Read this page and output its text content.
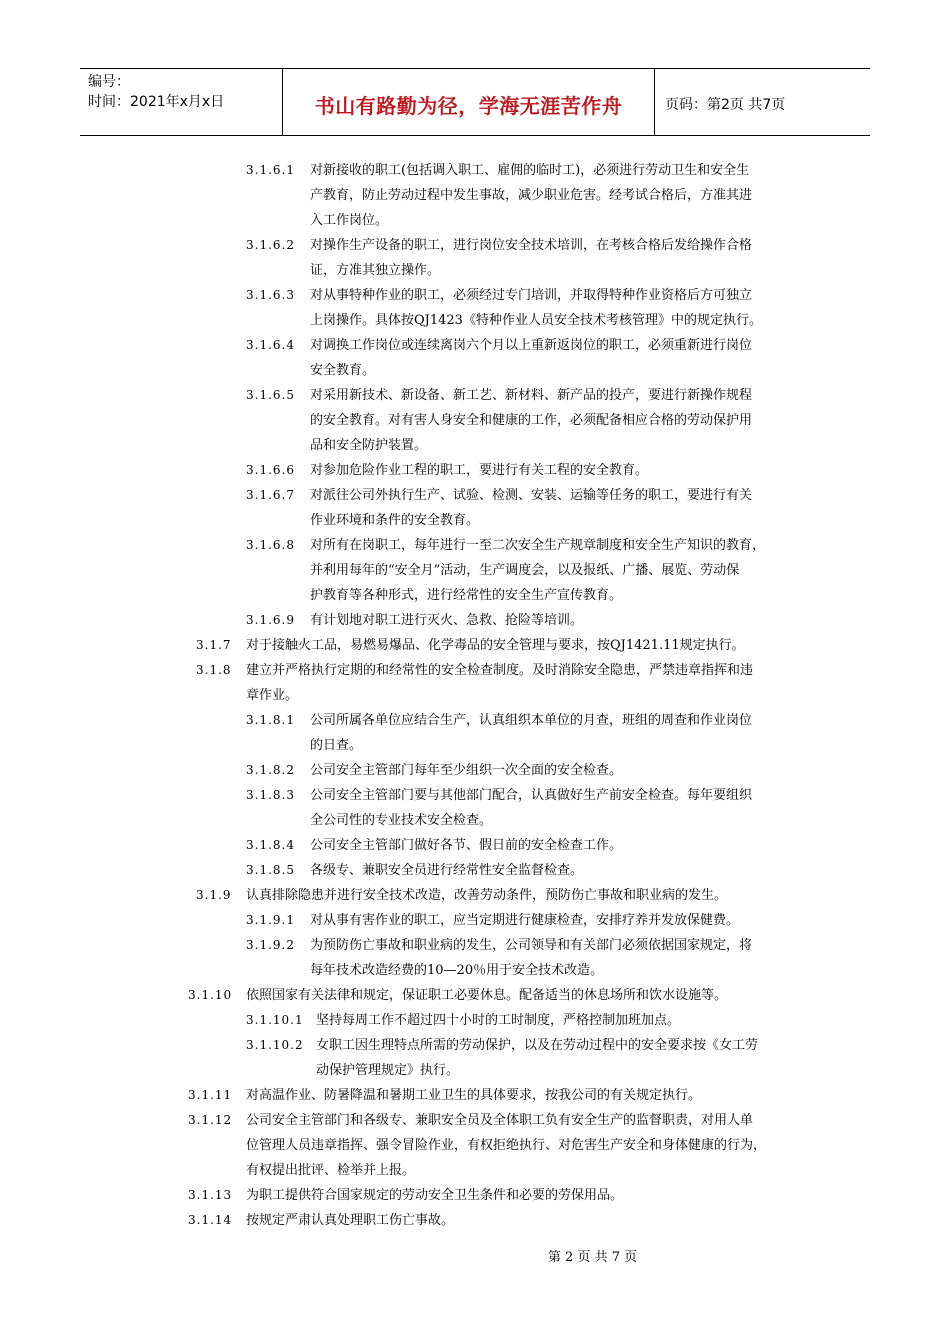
编号：
时间：2021年x月x日	书山有路勤为径，学海无涯苦作舟	页码：第2页 共7页
3.1.6.1 对新接收的职工(包括调入职工、雇佣的临时工)，必须进行劳动卫生和安全生
产教育，防止劳动过程中发生事故，减少职业危害。经考试合格后，方准其进
入工作岗位。
3.1.6.2 对操作生产设备的职工，进行岗位安全技术培训，在考核合格后发给操作合格
证，方准其独立操作。
3.1.6.3 对从事特种作业的职工，必须经过专门培训，并取得特种作业资格后方可独立
上岗操作。具体按QJ1423《特种作业人员安全技术考核管理》中的规定执行。
3.1.6.4 对调换工作岗位或连续离岗六个月以上重新返岗位的职工，必须重新进行岗位
安全教育。
3.1.6.5 对采用新技术、新设备、新工艺、新材料、新产品的投产，要进行新操作规程
的安全教育。对有害人身安全和健康的工作，必须配备相应合格的劳动保护用
品和安全防护装置。
3.1.6.6 对参加危险作业工程的职工，要进行有关工程的安全教育。
3.1.6.7 对派往公司外执行生产、试验、检测、安装、运输等任务的职工，要进行有关
作业环境和条件的安全教育。
3.1.6.8 对所有在岗职工，每年进行一至二次安全生产规章制度和安全生产知识的教育，
并利用每年的“安全月”活动，生产调度会，以及报纸、广播、展览、劳动保
护教育等各种形式，进行经常性的安全生产宣传教育。
3.1.6.9 有计划地对职工进行灭火、急救、抢险等培训。
3.1.7 对于接触火工品，易燃易爆品、化学毒品的安全管理与要求，按QJ1421.11规定执行。
3.1.8 建立并严格执行定期的和经常性的安全检查制度。及时消除安全隐患，严禁违章指挥和违
章作业。
3.1.8.1 公司所属各单位应结合生产，认真组织本单位的月查，班组的周查和作业岗位
的日查。
3.1.8.2 公司安全主管部门每年至少组织一次全面的安全检查。
3.1.8.3 公司安全主管部门要与其他部门配合，认真做好生产前安全检查。每年要组织
全公司性的专业技术安全检查。
3.1.8.4 公司安全主管部门做好各节、假日前的安全检查工作。
3.1.8.5 各级专、兼职安全员进行经常性安全监督检查。
3.1.9 认真排除隐患并进行安全技术改造，改善劳动条件，预防伤亡事故和职业病的发生。
3.1.9.1 对从事有害作业的职工，应当定期进行健康检查，安排疗养并发放保健费。
3.1.9.2 为预防伤亡事故和职业病的发生，公司领导和有关部门必须依据国家规定，将
每年技术改造经费的10—20％用于安全技术改造。
3.1.10 依照国家有关法律和规定，保证职工必要休息。配备适当的休息场所和饮水设施等。
3.1.10.1 坚持每周工作不超过四十小时的工时制度，严格控制加班加点。
3.1.10.2 女职工因生理特点所需的劳动保护，以及在劳动过程中的安全要求按《女工劳
动保护管理规定》执行。
3.1.11 对高温作业、防暑降温和暑期工业卫生的具体要求，按我公司的有关规定执行。
3.1.12 公司安全主管部门和各级专、兼职安全员及全体职工负有安全生产的监督职责，对用人单
位管理人员违章指挥、强令冒险作业，有权拒绝执行、对危害生产安全和身体健康的行为，
有权提出批评、检举并上报。
3.1.13 为职工提供符合国家规定的劳动安全卫生条件和必要的劳保用品。
3.1.14 按规定严肃认真处理职工伤亡事故。
第 2 页 共 7 页
